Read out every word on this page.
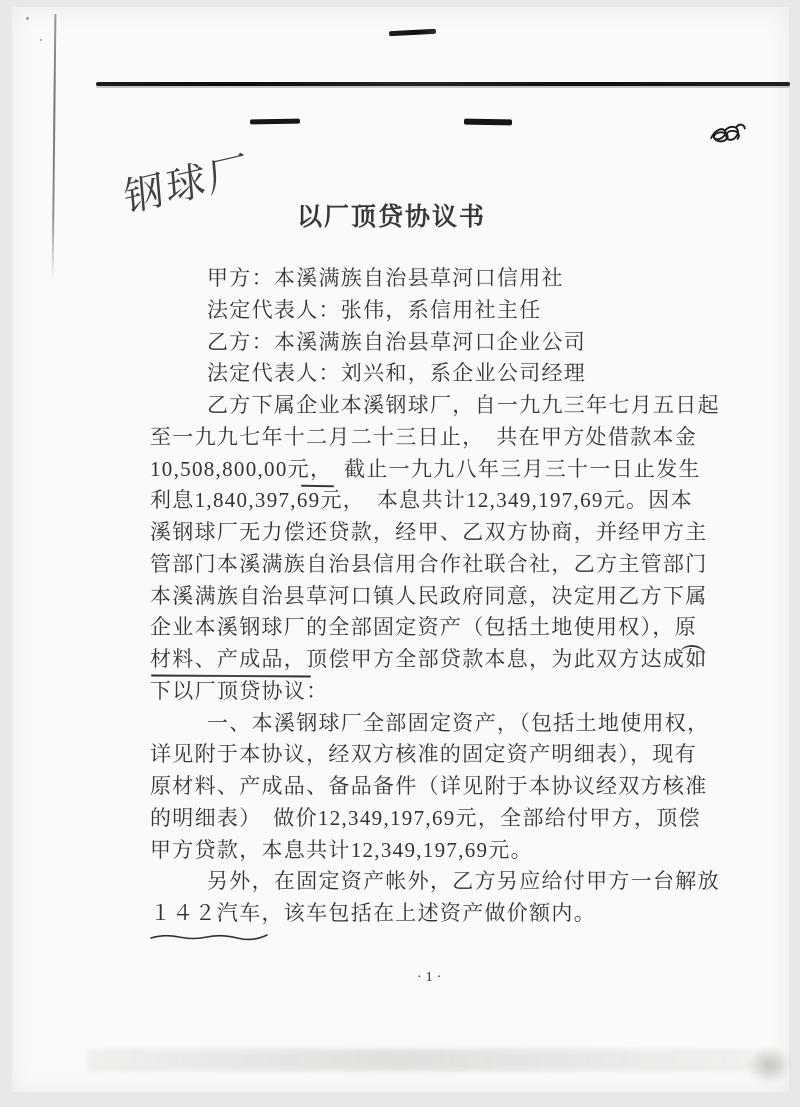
钢球厂 以厂顶贷协议书
甲方：本溪满族自治县草河口信用社
法定代表人：张伟，系信用社主任
乙方：本溪满族自治县草河口企业公司
法定代表人：刘兴和，系企业公司经理
乙方下属企业本溪钢球厂，自一九九三年七月五日起
至一九九七年十二月二十三日止，　共在甲方处借款本金
10,508,800,00元，　截止一九九八年三月三十一日止发生
利息1,840,397,69元，　本息共计12,349,197,69元。因本
溪钢球厂无力偿还贷款，经甲、乙双方协商，并经甲方主
管部门本溪满族自治县信用合作社联合社，乙方主管部门
本溪满族自治县草河口镇人民政府同意，决定用乙方下属
企业本溪钢球厂的全部固定资产（包括土地使用权），原
材料、产成品，顶偿甲方全部贷款本息，为此双方达成如
下以厂顶贷协议：
一、本溪钢球厂全部固定资产，（包括土地使用权，
详见附于本协议，经双方核准的固定资产明细表），现有
原材料、产成品、备品备件（详见附于本协议经双方核准
的明细表）　做价12,349,197,69元，全部给付甲方，顶偿
甲方贷款，本息共计12,349,197,69元。
另外，在固定资产帐外，乙方另应给付甲方一台解放
１４２汽车，该车包括在上述资产做价额内。
·1·
